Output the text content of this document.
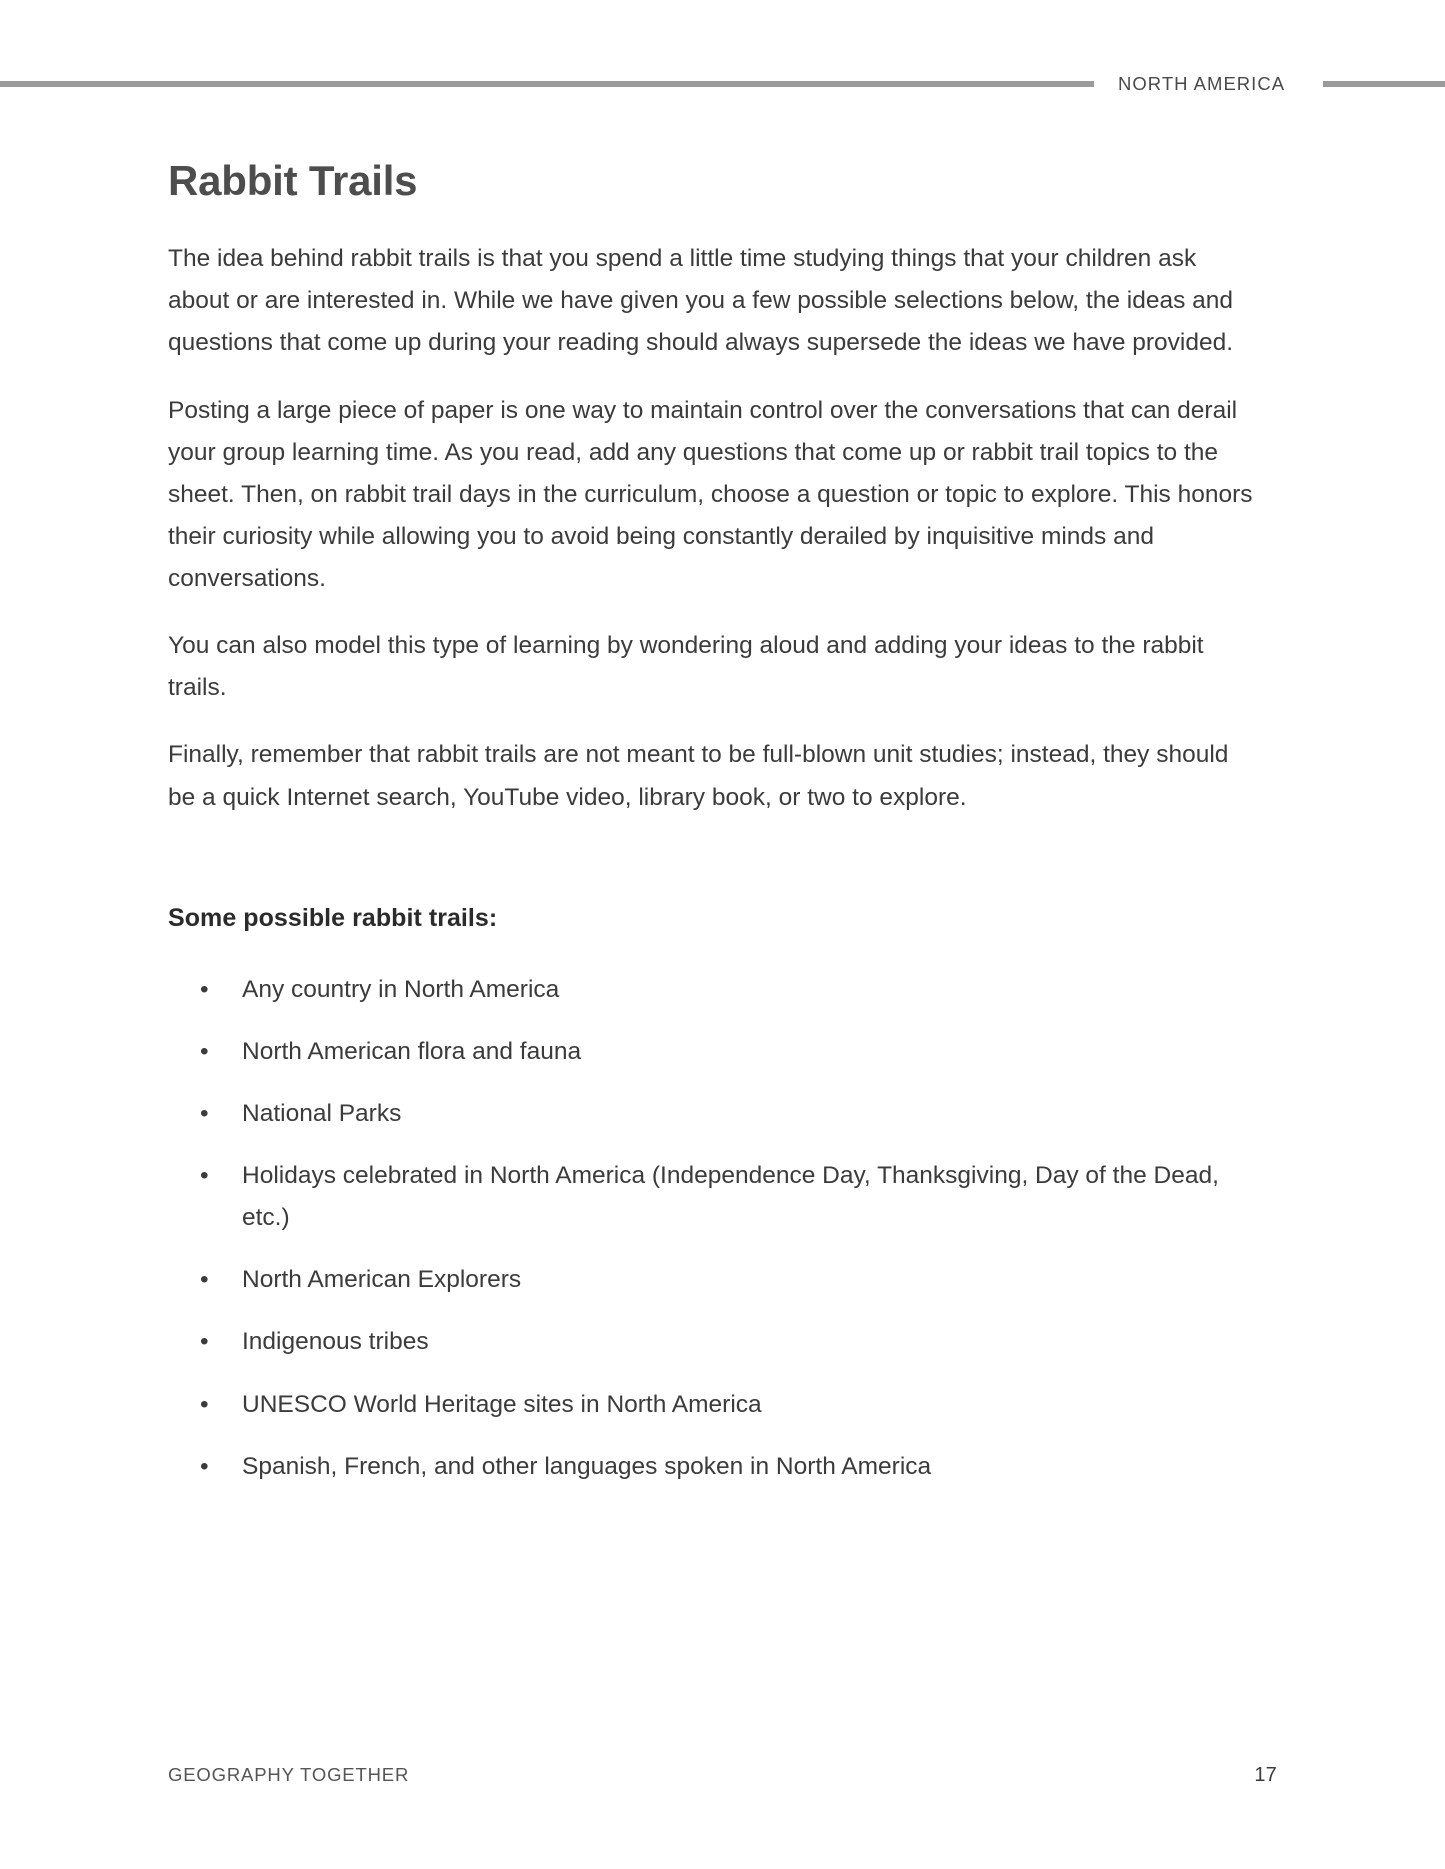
NORTH AMERICA
Rabbit Trails

The idea behind rabbit trails is that you spend a little time studying things that your children ask about or are interested in. While we have given you a few possible selections below, the ideas and questions that come up during your reading should always supersede the ideas we have provided.

Posting a large piece of paper is one way to maintain control over the conversations that can derail your group learning time. As you read, add any questions that come up or rabbit trail topics to the sheet. Then, on rabbit trail days in the curriculum, choose a question or topic to explore. This honors their curiosity while allowing you to avoid being constantly derailed by inquisitive minds and conversations.

You can also model this type of learning by wondering aloud and adding your ideas to the rabbit trails.

Finally, remember that rabbit trails are not meant to be full-blown unit studies; instead, they should be a quick Internet search, YouTube video, library book, or two to explore.

Some possible rabbit trails:
• Any country in North America
• North American flora and fauna
• National Parks
• Holidays celebrated in North America (Independence Day, Thanksgiving, Day of the Dead, etc.)
• North American Explorers
• Indigenous tribes
• UNESCO World Heritage sites in North America
• Spanish, French, and other languages spoken in North America
GEOGRAPHY TOGETHER	17
